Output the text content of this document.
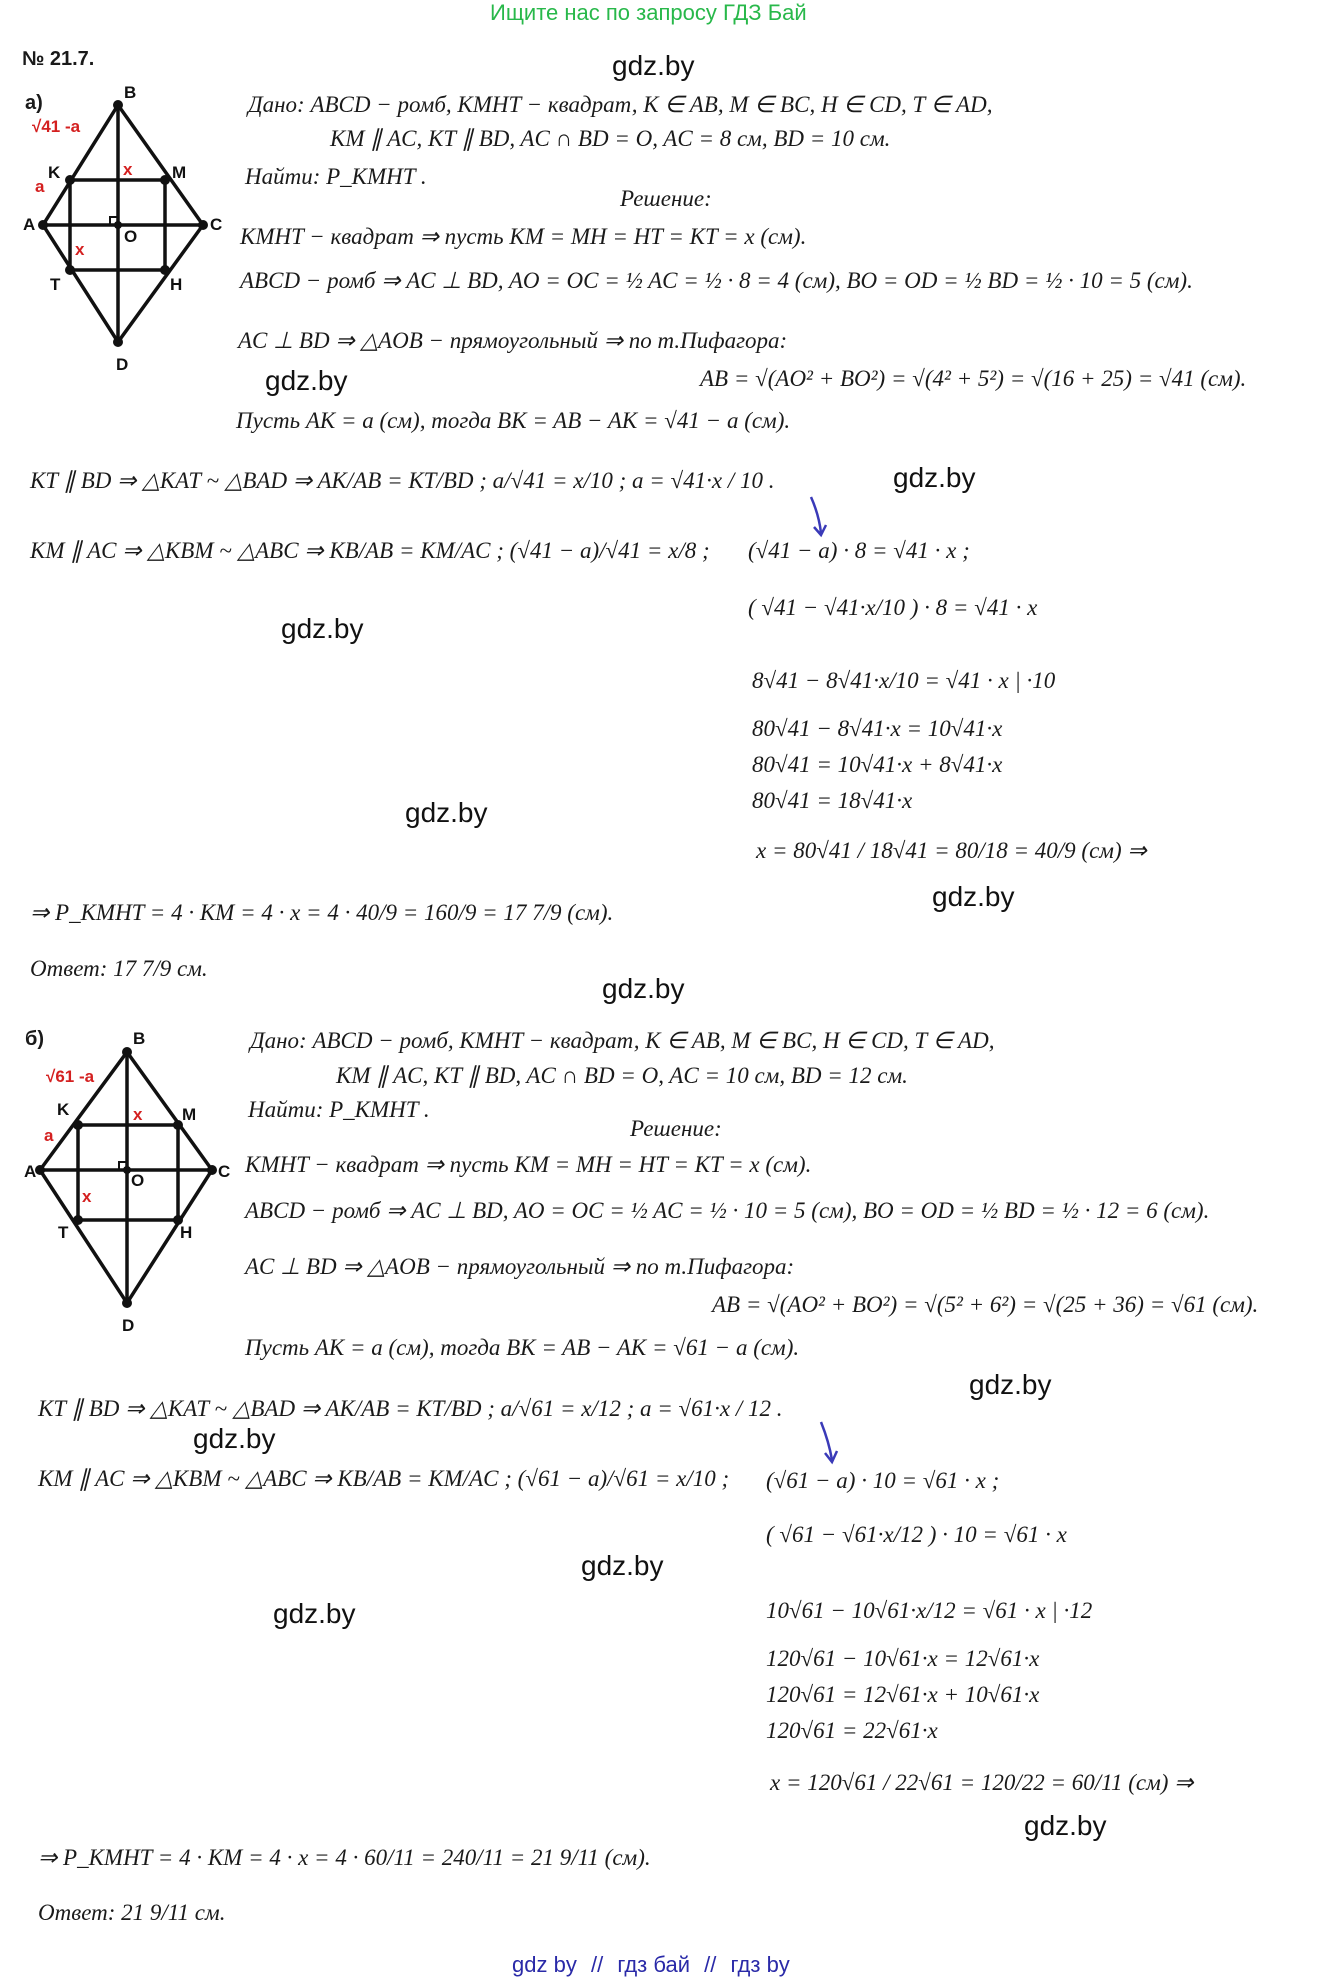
Ищите нас по запросу ГДЗ Бай
№ 21.7.	gdz.by
gdz.by
gdz.by
gdz.by
gdz.by
gdz.by
gdz.by
gdz.by
gdz.by
gdz.by
gdz.by
gdz.by
а)	B
A	C
D
K	M
T	H
O
x
x
a
√41 -a
Дано: ABCD − ромб, KMHT − квадрат, K ∈ AB, M ∈ BC, H ∈ CD, T ∈ AD,
KM ∥ AC, KT ∥ BD, AC ∩ BD = O, AC = 8 см, BD = 10 см.
Найти: P_KMHT .
Решение:
KMHT − квадрат ⇒ пусть KM = MH = HT = KT = x (см).
ABCD − ромб ⇒ AC ⊥ BD, AO = OC = ½ AC = ½ · 8 = 4 (см), BO = OD = ½ BD = ½ · 10 = 5 (см).
AC ⊥ BD ⇒ △AOB − прямоугольный ⇒ по т.Пифагора:
AB = √(AO² + BO²) = √(4² + 5²) = √(16 + 25) = √41 (см).
Пусть AK = a (см), тогда BK = AB − AK = √41 − a (см).
KT ∥ BD ⇒ △KAT ~ △BAD ⇒ AK/AB = KT/BD ; a/√41 = x/10 ; a = √41·x / 10 .
KM ∥ AC ⇒ △KBM ~ △ABC ⇒ KB/AB = KM/AC ; (√41 − a)/√41 = x/8 ; (√41 − a) · 8 = √41 · x ;
( √41 − √41·x/10 ) · 8 = √41 · x
8√41 − 8√41·x/10 = √41 · x | ·10
80√41 − 8√41·x = 10√41·x
80√41 = 10√41·x + 8√41·x
80√41 = 18√41·x
x = 80√41 / 18√41 = 80/18 = 40/9 (см) ⇒
⇒ P_KMHT = 4 · KM = 4 · x = 4 · 40/9 = 160/9 = 17 7/9 (см).
Ответ: 17 7/9 см.
б)	B
A	C
D
K	M
T	H
O
x
x
a
√61 -a
Дано: ABCD − ромб, KMHT − квадрат, K ∈ AB, M ∈ BC, H ∈ CD, T ∈ AD,
KM ∥ AC, KT ∥ BD, AC ∩ BD = O, AC = 10 см, BD = 12 см.
Найти: P_KMHT .
Решение:
KMHT − квадрат ⇒ пусть KM = MH = HT = KT = x (см).
ABCD − ромб ⇒ AC ⊥ BD, AO = OC = ½ AC = ½ · 10 = 5 (см), BO = OD = ½ BD = ½ · 12 = 6 (см).
AC ⊥ BD ⇒ △AOB − прямоугольный ⇒ по т.Пифагора:
AB = √(AO² + BO²) = √(5² + 6²) = √(25 + 36) = √61 (см).
Пусть AK = a (см), тогда BK = AB − AK = √61 − a (см).
KT ∥ BD ⇒ △KAT ~ △BAD ⇒ AK/AB = KT/BD ; a/√61 = x/12 ; a = √61·x / 12 .
KM ∥ AC ⇒ △KBM ~ △ABC ⇒ KB/AB = KM/AC ; (√61 − a)/√61 = x/10 ; (√61 − a) · 10 = √61 · x ;
( √61 − √61·x/12 ) · 10 = √61 · x
10√61 − 10√61·x/12 = √61 · x | ·12
120√61 − 10√61·x = 12√61·x
120√61 = 12√61·x + 10√61·x
120√61 = 22√61·x
x = 120√61 / 22√61 = 120/22 = 60/11 (см) ⇒
⇒ P_KMHT = 4 · KM = 4 · x = 4 · 60/11 = 240/11 = 21 9/11 (см).
Ответ: 21 9/11 см.
gdz by // гдз бай // гдз by
